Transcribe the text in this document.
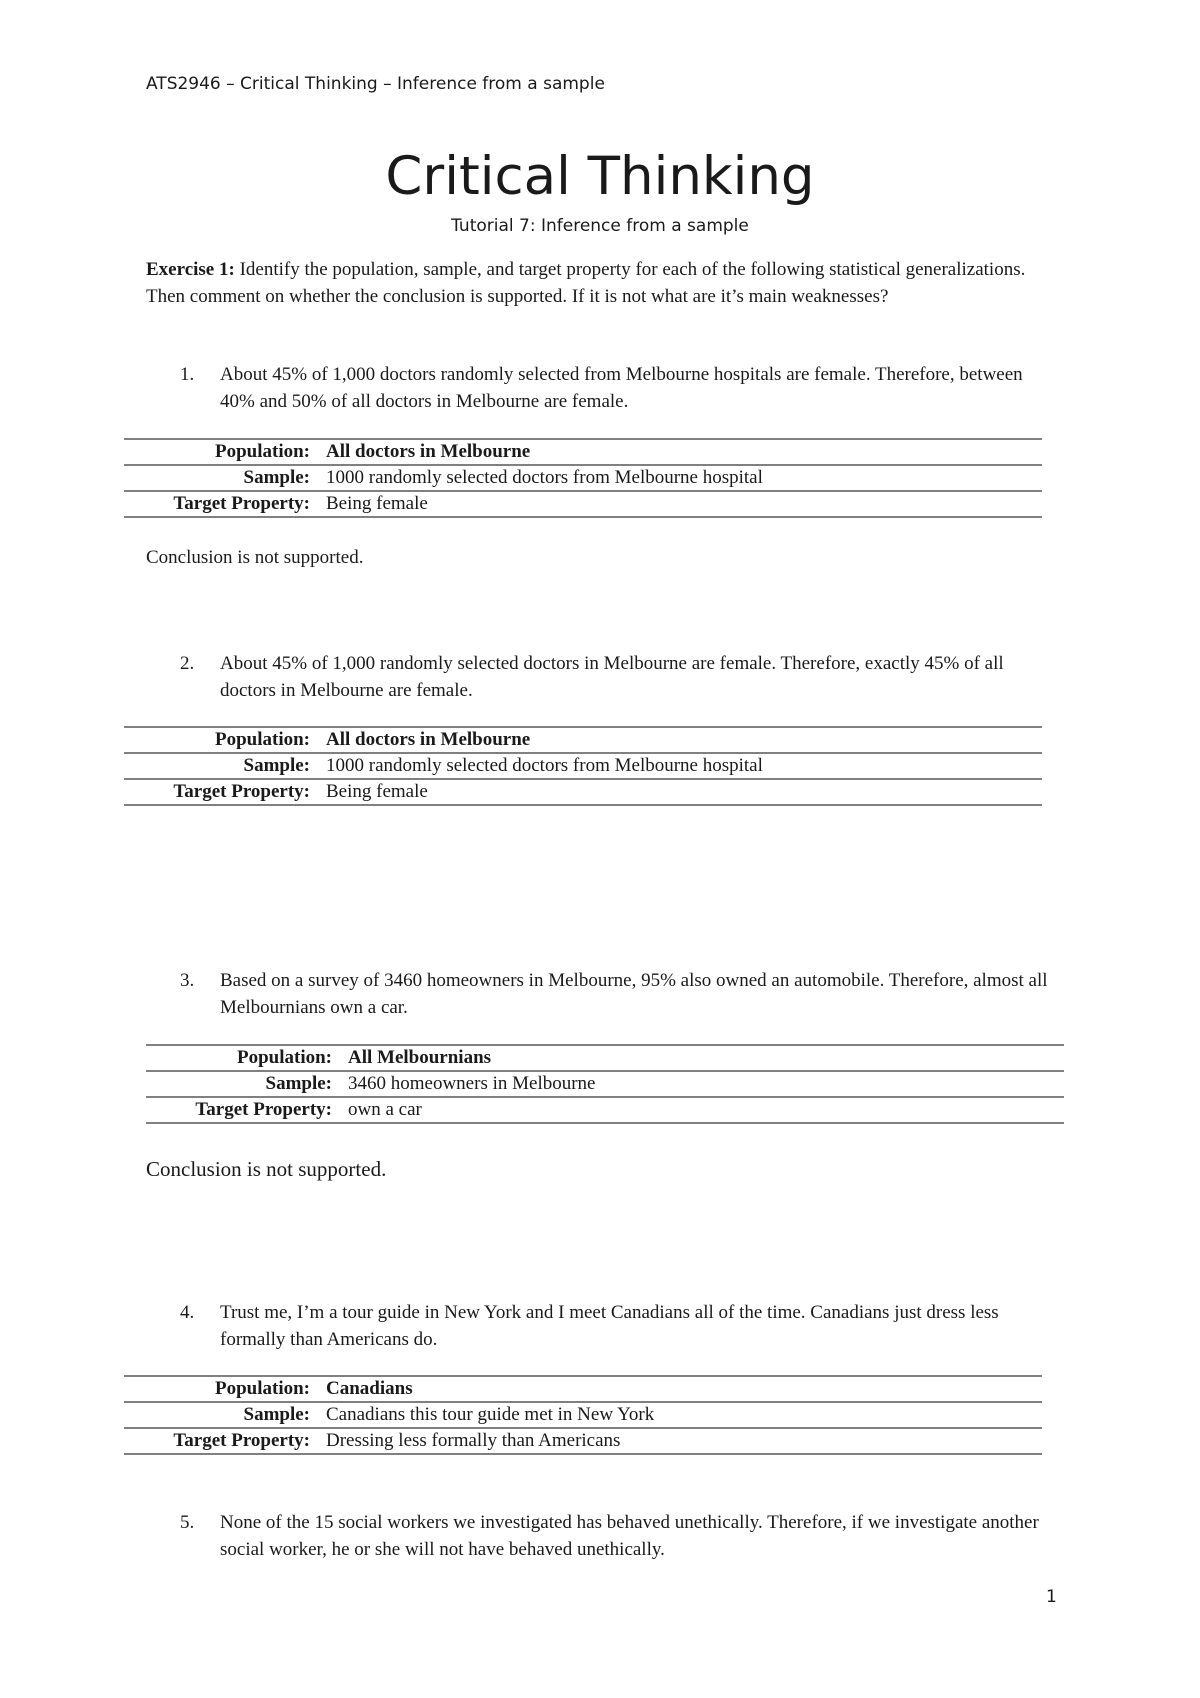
ATS2946 – Critical Thinking – Inference from a sample
Critical Thinking
Tutorial 7: Inference from a sample
Exercise 1: Identify the population, sample, and target property for each of the following statistical generalizations. Then comment on whether the conclusion is supported. If it is not what are it’s main weaknesses?
1.	About 45% of 1,000 doctors randomly selected from Melbourne hospitals are female. Therefore, between 40% and 50% of all doctors in Melbourne are female.
Population:	All doctors in Melbourne
Sample:	1000 randomly selected doctors from Melbourne hospital
Target Property:	Being female
Conclusion is not supported.
2.	About 45% of 1,000 randomly selected doctors in Melbourne are female. Therefore, exactly 45% of all doctors in Melbourne are female.
Population:	All doctors in Melbourne
Sample:	1000 randomly selected doctors from Melbourne hospital
Target Property:	Being female
3.	Based on a survey of 3460 homeowners in Melbourne, 95% also owned an automobile. Therefore, almost all Melbournians own a car.
Population:	All Melbournians
Sample:	3460 homeowners in Melbourne
Target Property:	own a car
Conclusion is not supported.
4.	Trust me, I’m a tour guide in New York and I meet Canadians all of the time. Canadians just dress less formally than Americans do.
Population:	Canadians
Sample:	Canadians this tour guide met in New York
Target Property:	Dressing less formally than Americans
5.	None of the 15 social workers we investigated has behaved unethically. Therefore, if we investigate another social worker, he or she will not have behaved unethically.
1
